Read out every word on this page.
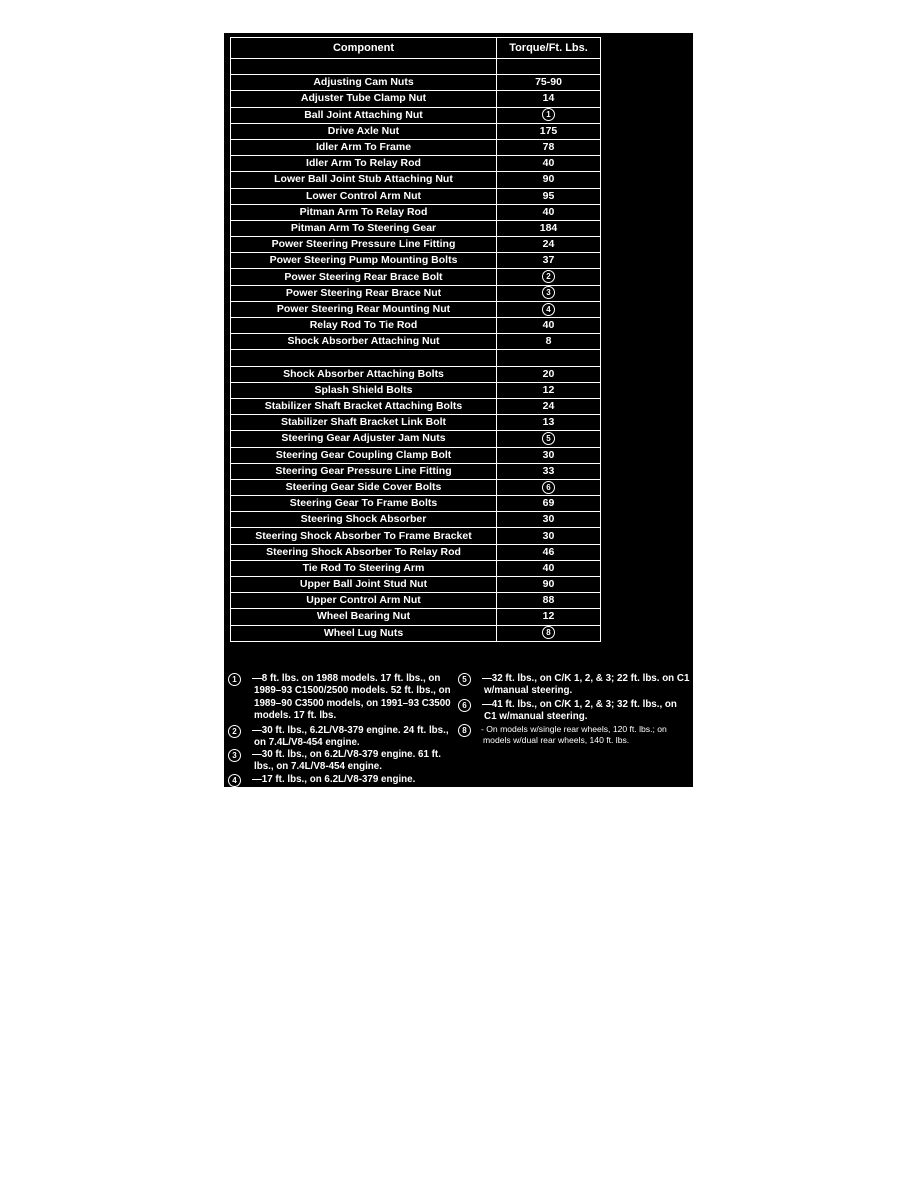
Component	Torque/Ft. Lbs.

Adjusting Cam Nuts	75-90
Adjuster Tube Clamp Nut	14
Ball Joint Attaching Nut	1
Drive Axle Nut	175
Idler Arm To Frame	78
Idler Arm To Relay Rod	40
Lower Ball Joint Stub Attaching Nut	90
Lower Control Arm Nut	95
Pitman Arm To Relay Rod	40
Pitman Arm To Steering Gear	184
Power Steering Pressure Line Fitting	24
Power Steering Pump Mounting Bolts	37
Power Steering Rear Brace Bolt	2
Power Steering Rear Brace Nut	3
Power Steering Rear Mounting Nut	4
Relay Rod To Tie Rod	40
Shock Absorber Attaching Nut	8

Shock Absorber Attaching Bolts	20
Splash Shield Bolts	12
Stabilizer Shaft Bracket Attaching Bolts	24
Stabilizer Shaft Bracket Link Bolt	13
Steering Gear Adjuster Jam Nuts	5
Steering Gear Coupling Clamp Bolt	30
Steering Gear Pressure Line Fitting	33
Steering Gear Side Cover Bolts	6
Steering Gear To Frame Bolts	69
Steering Shock Absorber	30
Steering Shock Absorber To Frame Bracket	30
Steering Shock Absorber To Relay Rod	46
Tie Rod To Steering Arm	40
Upper Ball Joint Stud Nut	90
Upper Control Arm Nut	88
Wheel Bearing Nut	12
Wheel Lug Nuts	8
1	—8 ft. lbs. on 1988 models. 17 ft. lbs., on 1989–93 C1500/2500 models. 52 ft. lbs., on 1989–90 C3500 models, on 1991–93 C3500 models. 17 ft. lbs.
2	—30 ft. lbs., 6.2L/V8-379 engine. 24 ft. lbs., on 7.4L/V8-454 engine.
3	—30 ft. lbs., on 6.2L/V8-379 engine. 61 ft. lbs., on 7.4L/V8-454 engine.
4	—17 ft. lbs., on 6.2L/V8-379 engine.
5	—32 ft. lbs., on C/K 1, 2, & 3; 22 ft. lbs. on C1 w/manual steering.
6	—41 ft. lbs., on C/K 1, 2, & 3; 32 ft. lbs., on C1 w/manual steering.
8	- On models w/single rear wheels, 120 ft. lbs.; on models w/dual rear wheels, 140 ft. lbs.
